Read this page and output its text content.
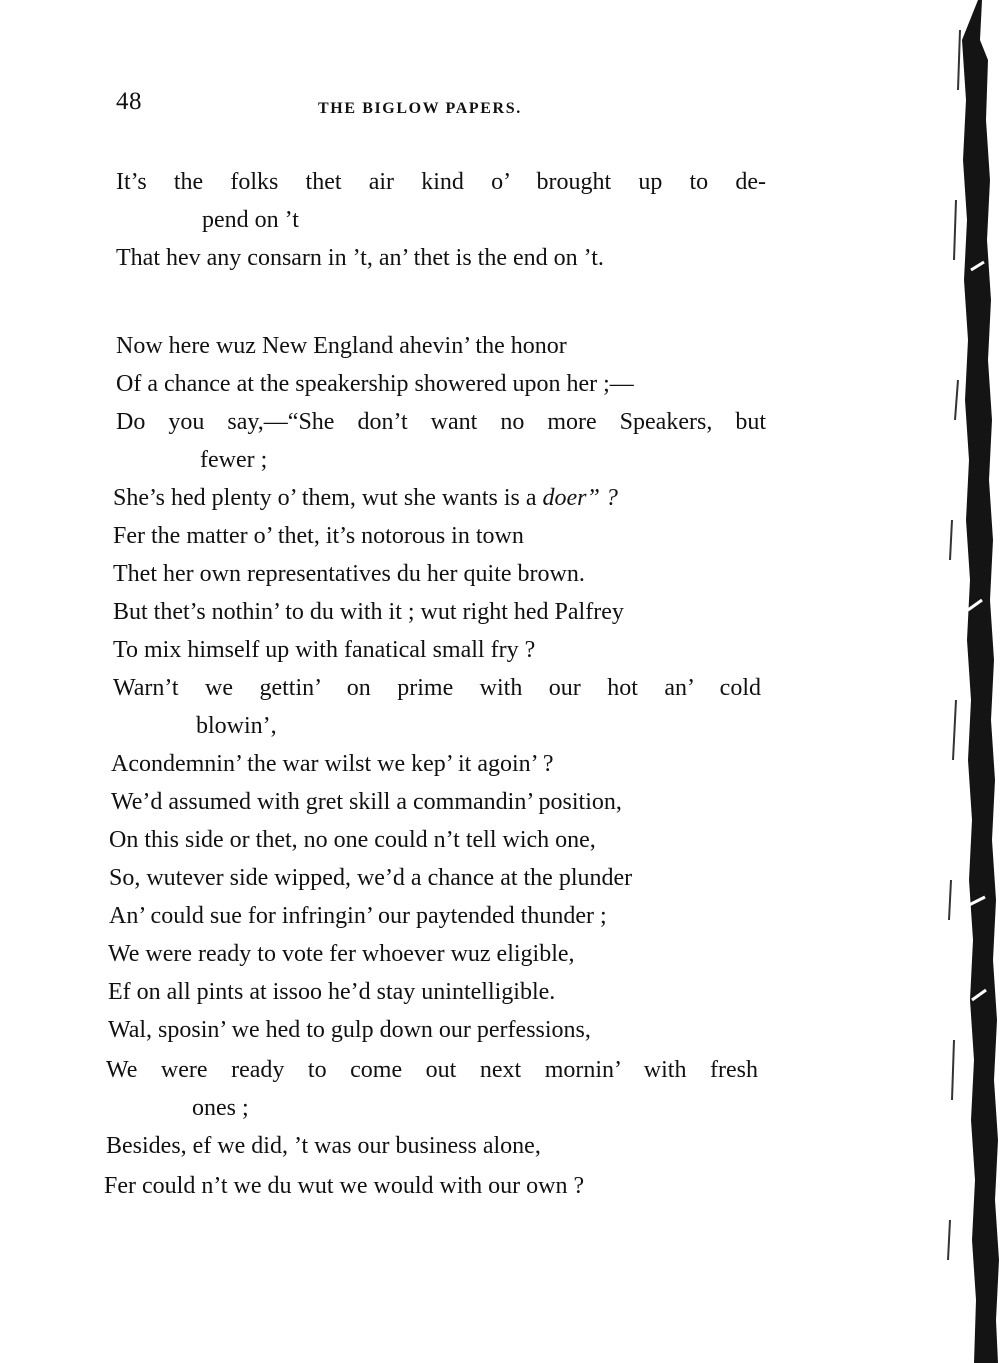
48	THE BIGLOW PAPERS.
It’s the folks thet air kind o’ brought up to de-
pend on ’t
That hev any consarn in ’t, an’ thet is the end on ’t.
Now here wuz New England ahevin’ the honor
Of a chance at the speakership showered upon her ;—
Do you say,—“She don’t want no more Speakers, but
fewer ;
She’s hed plenty o’ them, wut she wants is a doer” ?
Fer the matter o’ thet, it’s notorous in town
Thet her own representatives du her quite brown.
But thet’s nothin’ to du with it ; wut right hed Palfrey
To mix himself up with fanatical small fry ?
Warn’t we gettin’ on prime with our hot an’ cold
blowin’,
Acondemnin’ the war wilst we kep’ it agoin’ ?
We’d assumed with gret skill a commandin’ position,
On this side or thet, no one could n’t tell wich one,
So, wutever side wipped, we’d a chance at the plunder
An’ could sue for infringin’ our paytended thunder ;
We were ready to vote fer whoever wuz eligible,
Ef on all pints at issoo he’d stay unintelligible.
Wal, sposin’ we hed to gulp down our perfessions,
We were ready to come out next mornin’ with fresh
ones ;
Besides, ef we did, ’t was our business alone,
Fer could n’t we du wut we would with our own ?
